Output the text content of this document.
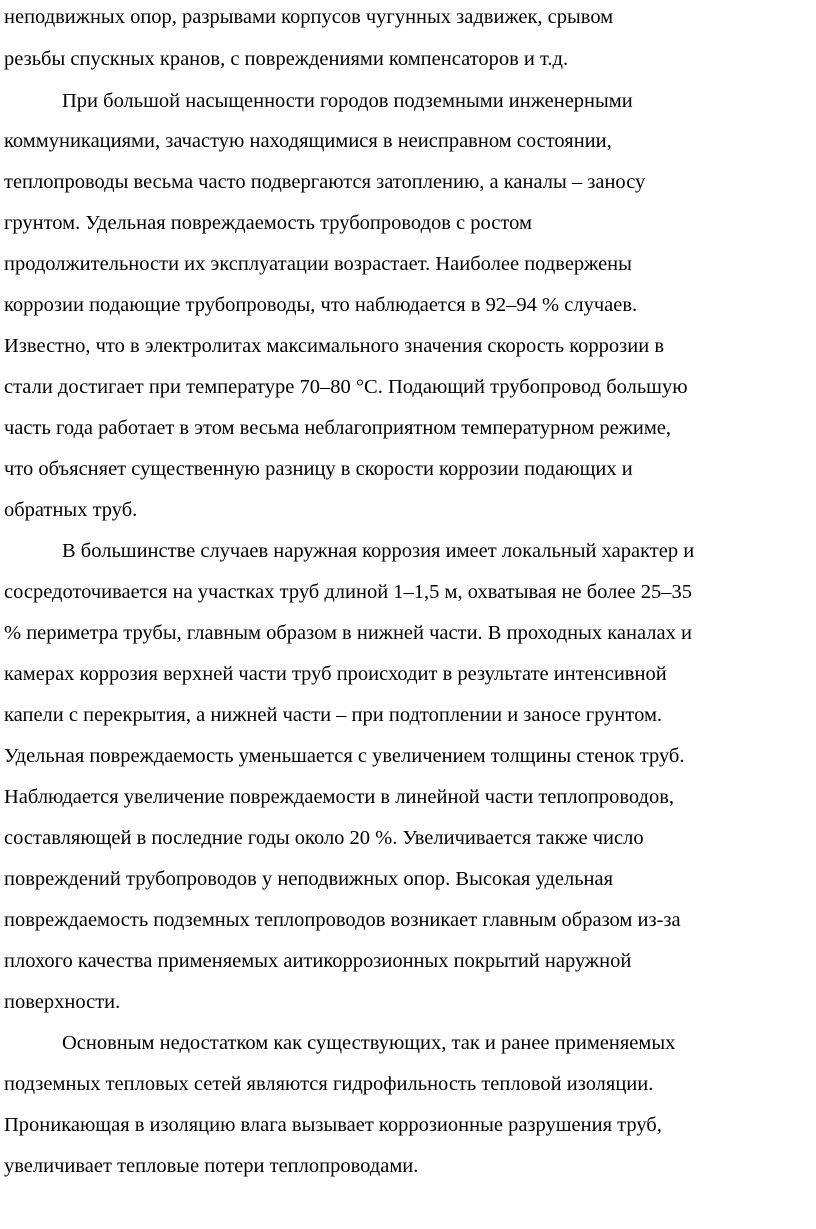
неподвижных опор, разрывами корпусов чугунных задвижек, срывом
резьбы спускных кранов, с повреждениями компенсаторов и т.д.
При большой насыщенности городов подземными инженерными
коммуникациями, зачастую находящимися в неисправном состоянии,
теплопроводы весьма часто подвергаются затоплению, а каналы – заносу
грунтом. Удельная повреждаемость трубопроводов с ростом
продолжительности их эксплуатации возрастает. Наиболее подвержены
коррозии подающие трубопроводы, что наблюдается в 92–94 % случаев.
Известно, что в электролитах максимального значения скорость коррозии в
стали достигает при температуре 70–80 °С. Подающий трубопровод большую
часть года работает в этом весьма неблагоприятном температурном режиме,
что объясняет существенную разницу в скорости коррозии подающих и
обратных труб.
В большинстве случаев наружная коррозия имеет локальный характер и
сосредоточивается на участках труб длиной 1–1,5 м, охватывая не более 25–35
% периметра трубы, главным образом в нижней части. В проходных каналах и
камерах коррозия верхней части труб происходит в результате интенсивной
капели с перекрытия, а нижней части – при подтоплении и заносе грунтом.
Удельная повреждаемость уменьшается с увеличением толщины стенок труб.
Наблюдается увеличение повреждаемости в линейной части теплопроводов,
составляющей в последние годы около 20 %. Увеличивается также число
повреждений трубопроводов у неподвижных опор. Высокая удельная
повреждаемость подземных теплопроводов возникает главным образом из-за
плохого качества применяемых аитикоррозионных покрытий наружной
поверхности.
Основным недостатком как существующих, так и ранее применяемых
подземных тепловых сетей являются гидрофильность тепловой изоляции.
Проникающая в изоляцию влага вызывает коррозионные разрушения труб,
увеличивает тепловые потери теплопроводами.
